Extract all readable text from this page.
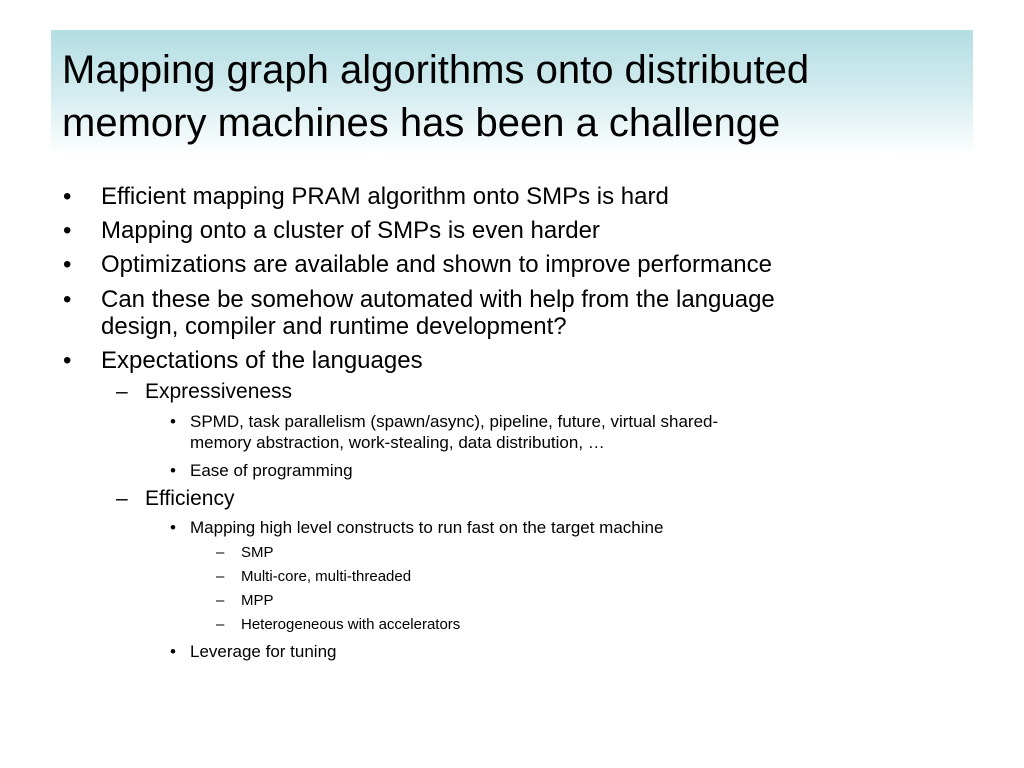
Mapping graph algorithms onto distributed
memory machines has been a challenge
• Efficient mapping PRAM algorithm onto SMPs is hard
• Mapping onto a cluster of SMPs is even harder
• Optimizations are available and shown to improve performance
• Can these be somehow automated with help from the language
design, compiler and runtime development?
• Expectations of the languages
– Expressiveness
• SPMD, task parallelism (spawn/async), pipeline, future, virtual shared-
memory abstraction, work-stealing, data distribution, …
• Ease of programming
– Efficiency
• Mapping high level constructs to run fast on the target machine
– SMP
– Multi-core, multi-threaded
– MPP
– Heterogeneous with accelerators
• Leverage for tuning
